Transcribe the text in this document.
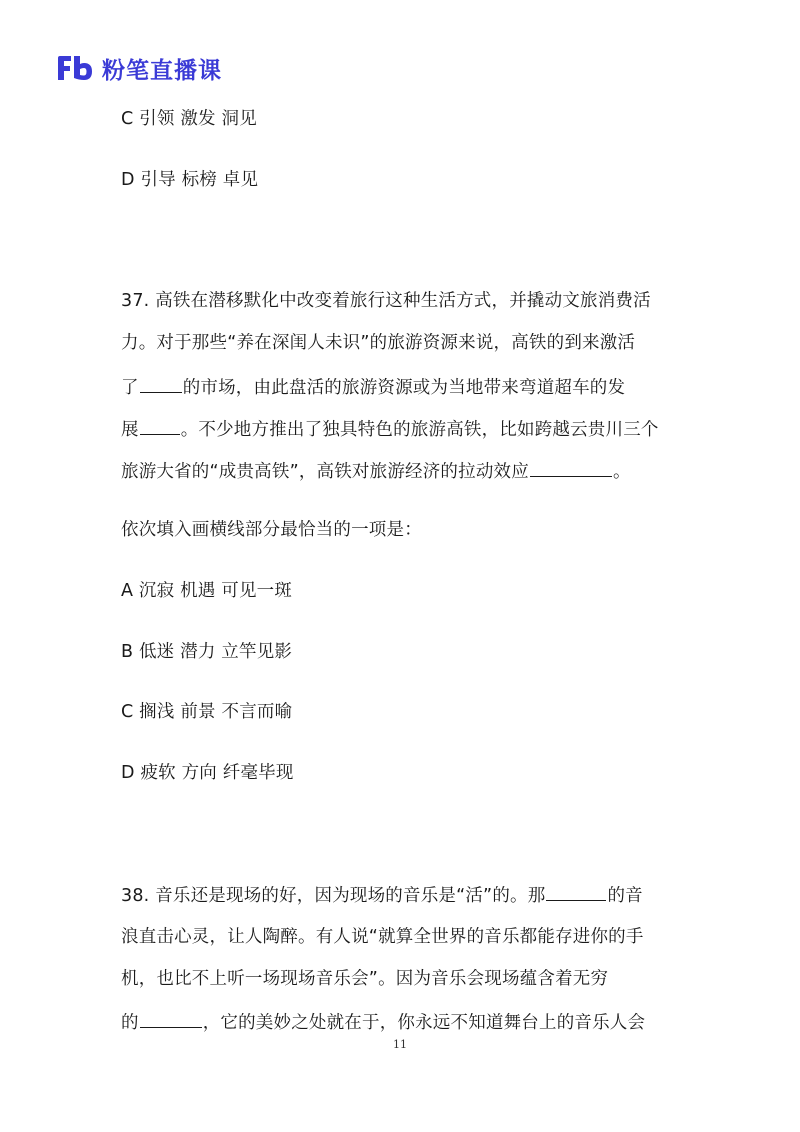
粉笔直播课
C 引领 激发 洞见
D 引导 标榜 卓见
37. 高铁在潜移默化中改变着旅行这种生活方式，并撬动文旅消费活
力。对于那些“养在深闺人未识”的旅游资源来说，高铁的到来激活
了	的市场，由此盘活的旅游资源或为当地带来弯道超车的发
展 。不少地方推出了独具特色的旅游高铁，比如跨越云贵川三个
旅游大省的“成贵高铁”，高铁对旅游经济的拉动效应	。
依次填入画横线部分最恰当的一项是：
A 沉寂 机遇 可见一斑
B 低迷 潜力 立竿见影
C 搁浅 前景 不言而喻
D 疲软 方向 纤毫毕现
38. 音乐还是现场的好，因为现场的音乐是“活”的。那	的音
浪直击心灵，让人陶醉。有人说“就算全世界的音乐都能存进你的手
机，也比不上听一场现场音乐会”。因为音乐会现场蕴含着无穷
的	，它的美妙之处就在于，你永远不知道舞台上的音乐人会
11
